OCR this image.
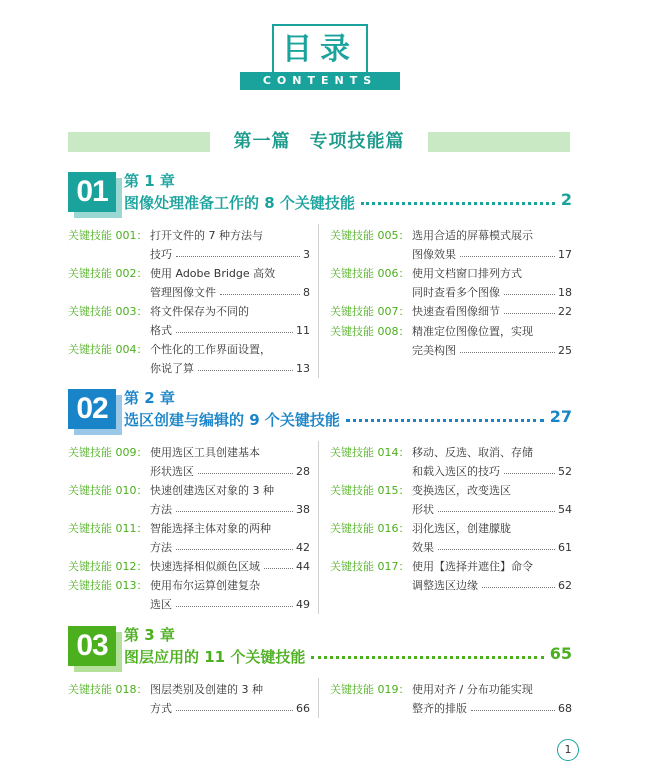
目录
CONTENTS
第一篇　专项技能篇
01	第 1 章
图像处理准备工作的 8 个关键技能	2
关键技能 001： 打开文件的 7 种方法与
技巧	3
关键技能 002： 使用 Adobe Bridge 高效
管理图像文件	8
关键技能 003： 将文件保存为不同的
格式	11
关键技能 004： 个性化的工作界面设置，
你说了算	13
关键技能 005： 选用合适的屏幕模式展示
图像效果	17
关键技能 006： 使用文档窗口排列方式
同时查看多个图像	18
关键技能 007： 快速查看图像细节	22
关键技能 008： 精准定位图像位置，实现
完美构图	25
02	第 2 章
选区创建与编辑的 9 个关键技能	27
关键技能 009： 使用选区工具创建基本
形状选区	28
关键技能 010： 快速创建选区对象的 3 种
方法	38
关键技能 011： 智能选择主体对象的两种
方法	42
关键技能 012： 快速选择相似颜色区域	44
关键技能 013： 使用布尔运算创建复杂
选区	49
关键技能 014： 移动、反选、取消、存储
和载入选区的技巧	52
关键技能 015： 变换选区，改变选区
形状	54
关键技能 016： 羽化选区，创建朦胧
效果	61
关键技能 017： 使用【选择并遮住】命令
调整选区边缘	62
03	第 3 章
图层应用的 11 个关键技能	65
关键技能 018： 图层类别及创建的 3 种
方式	66
关键技能 019： 使用对齐 / 分布功能实现
整齐的排版	68
1
